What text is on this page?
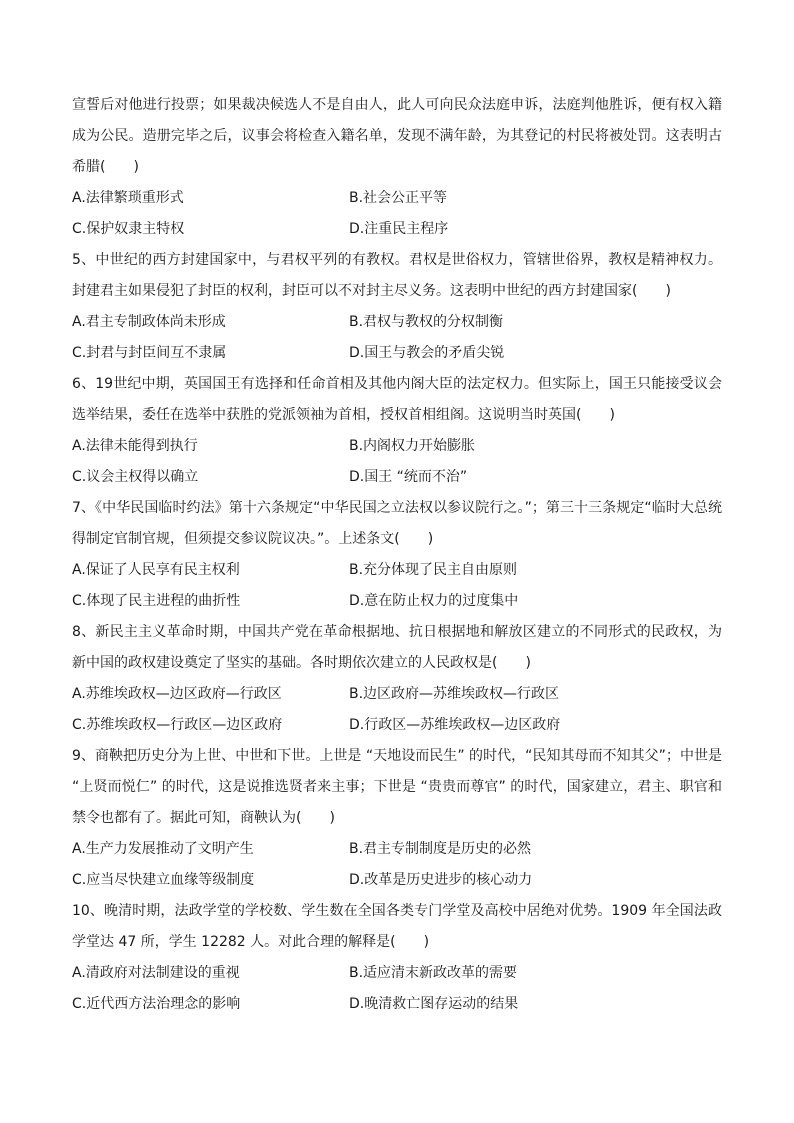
宣誓后对他进行投票；如果裁决候选人不是自由人，此人可向民众法庭申诉，法庭判他胜诉，便有权入籍成为公民。造册完毕之后，议事会将检查入籍名单，发现不满年龄，为其登记的村民将被处罚。这表明古希腊(　　)

A.法律繁琐重形式	B.社会公正平等
C.保护奴隶主特权	D.注重民主程序

5、中世纪的西方封建国家中，与君权平列的有教权。君权是世俗权力，管辖世俗界，教权是精神权力。封建君主如果侵犯了封臣的权利，封臣可以不对封主尽义务。这表明中世纪的西方封建国家(　　)

A.君主专制政体尚未形成	B.君权与教权的分权制衡
C.封君与封臣间互不隶属	D.国王与教会的矛盾尖锐

6、19世纪中期，英国国王有选择和任命首相及其他内阁大臣的法定权力。但实际上，国王只能接受议会选举结果，委任在选举中获胜的党派领袖为首相，授权首相组阁。这说明当时英国(　　)

A.法律未能得到执行	B.内阁权力开始膨胀
C.议会主权得以确立	D.国王 “统而不治”

7、《中华民国临时约法》第十六条规定“中华民国之立法权以参议院行之。”；第三十三条规定“临时大总统得制定官制官规，但须提交参议院议决。”。上述条文(　　)

A.保证了人民享有民主权利	B.充分体现了民主自由原则
C.体现了民主进程的曲折性	D.意在防止权力的过度集中

8、新民主主义革命时期，中国共产党在革命根据地、抗日根据地和解放区建立的不同形式的民政权，为新中国的政权建设奠定了坚实的基础。各时期依次建立的人民政权是(　　)

A.苏维埃政权—边区政府—行政区	B.边区政府—苏维埃政权—行政区
C.苏维埃政权—行政区—边区政府	D.行政区—苏维埃政权—边区政府

9、商鞅把历史分为上世、中世和下世。上世是 “天地设而民生” 的时代，“民知其母而不知其父”；中世是 “上贤而悦仁” 的时代，这是说推选贤者来主事；下世是 “贵贵而尊官” 的时代，国家建立，君主、职官和禁令也都有了。据此可知，商鞅认为(　　)

A.生产力发展推动了文明产生	B.君主专制制度是历史的必然
C.应当尽快建立血缘等级制度	D.改革是历史进步的核心动力

10、晚清时期，法政学堂的学校数、学生数在全国各类专门学堂及高校中居绝对优势。1909 年全国法政学堂达 47 所，学生 12282 人。对此合理的解释是(　　)

A.清政府对法制建设的重视	B.适应清末新政改革的需要
C.近代西方法治理念的影响	D.晚清救亡图存运动的结果
